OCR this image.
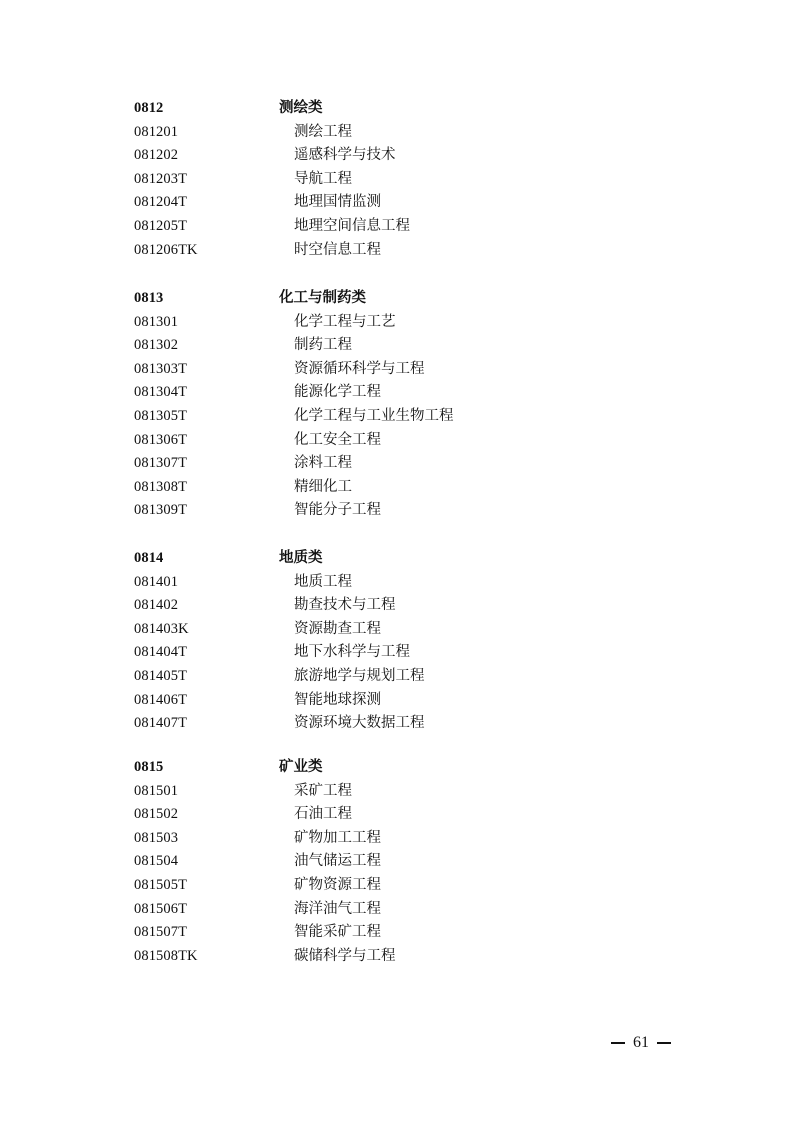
0812	测绘类
081201	测绘工程
081202	遥感科学与技术
081203T	导航工程
081204T	地理国情监测
081205T	地理空间信息工程
081206TK	时空信息工程
0813	化工与制药类
081301	化学工程与工艺
081302	制药工程
081303T	资源循环科学与工程
081304T	能源化学工程
081305T	化学工程与工业生物工程
081306T	化工安全工程
081307T	涂料工程
081308T	精细化工
081309T	智能分子工程
0814	地质类
081401	地质工程
081402	勘查技术与工程
081403K	资源勘查工程
081404T	地下水科学与工程
081405T	旅游地学与规划工程
081406T	智能地球探测
081407T	资源环境大数据工程
0815	矿业类
081501	采矿工程
081502	石油工程
081503	矿物加工工程
081504	油气储运工程
081505T	矿物资源工程
081506T	海洋油气工程
081507T	智能采矿工程
081508TK	碳储科学与工程
61
